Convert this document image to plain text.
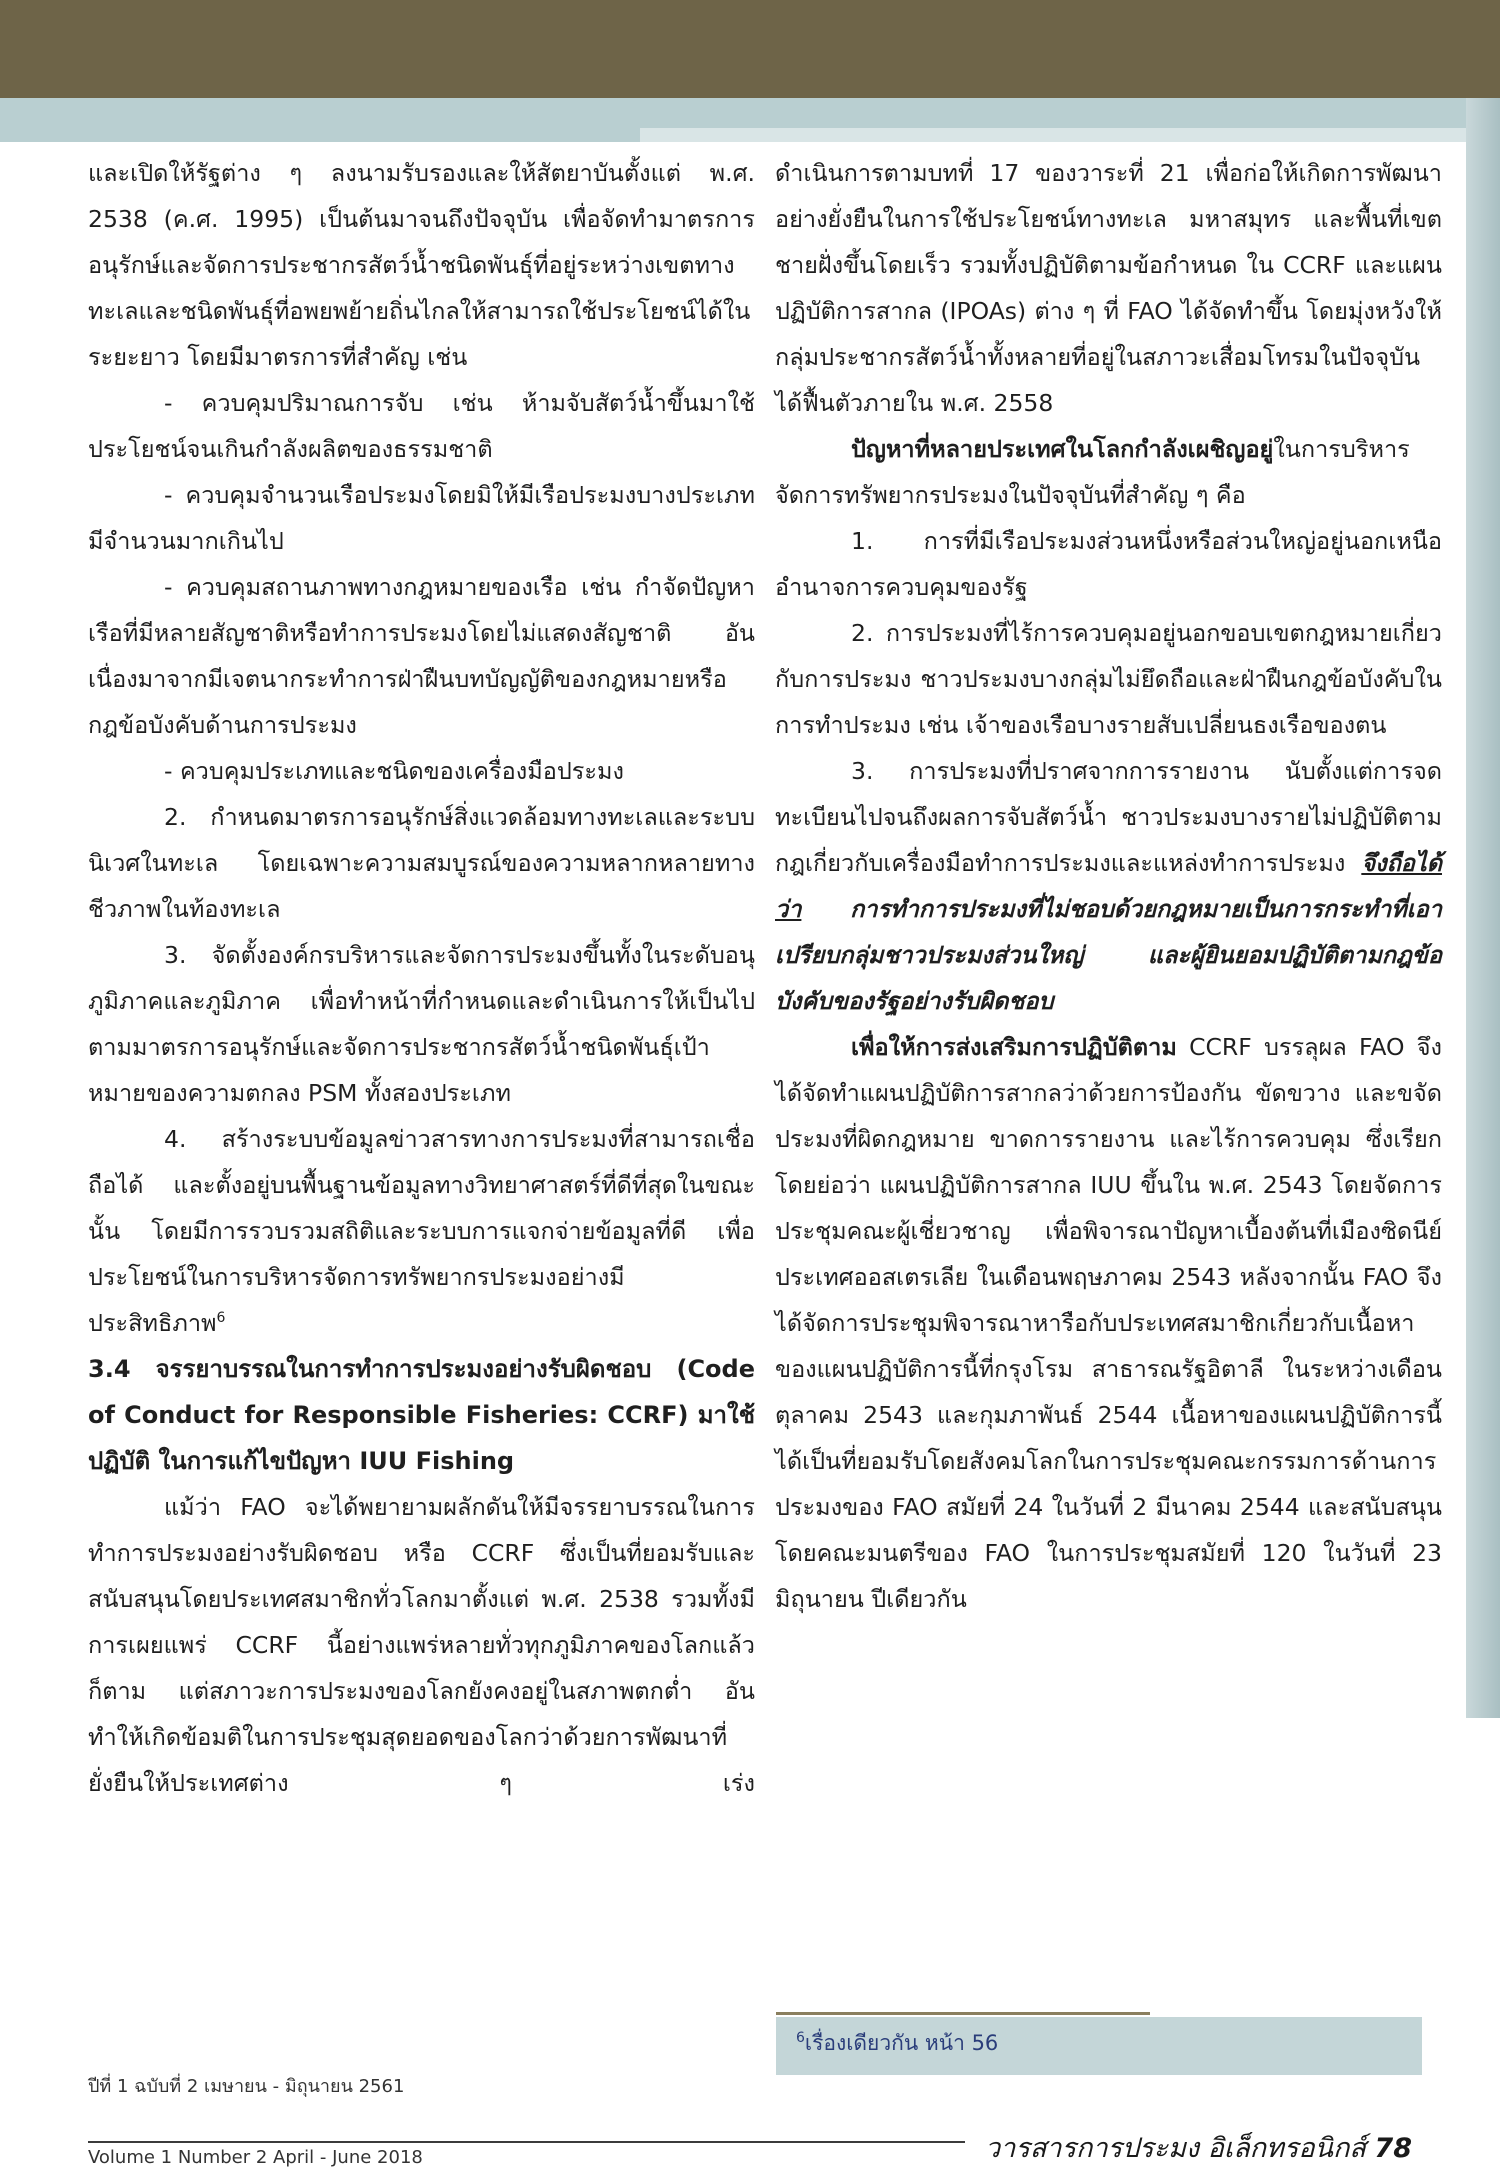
และเปิดให้รัฐต่าง ๆ ลงนามรับรองและให้สัตยาบันตั้งแต่ พ.ศ. 2538 (ค.ศ. 1995) เป็นต้นมาจนถึงปัจจุบัน เพื่อจัดทำมาตรการอนุรักษ์และจัดการประชากรสัตว์น้ำชนิดพันธุ์ที่อยู่ระหว่างเขตทางทะเลและชนิดพันธุ์ที่อพยพย้ายถิ่นไกลให้สามารถใช้ประโยชน์ได้ในระยะยาว โดยมีมาตรการที่สำคัญ เช่น

- ควบคุมปริมาณการจับ เช่น ห้ามจับสัตว์น้ำขึ้นมาใช้ประโยชน์จนเกินกำลังผลิตของธรรมชาติ

- ควบคุมจำนวนเรือประมงโดยมิให้มีเรือประมงบางประเภทมีจำนวนมากเกินไป

- ควบคุมสถานภาพทางกฎหมายของเรือ เช่น กำจัดปัญหาเรือที่มีหลายสัญชาติหรือทำการประมงโดยไม่แสดงสัญชาติ อันเนื่องมาจากมีเจตนากระทำการฝ่าฝืนบทบัญญัติของกฎหมายหรือกฎข้อบังคับด้านการประมง

- ควบคุมประเภทและชนิดของเครื่องมือประมง

2. กำหนดมาตรการอนุรักษ์สิ่งแวดล้อมทางทะเลและระบบนิเวศในทะเล โดยเฉพาะความสมบูรณ์ของความหลากหลายทางชีวภาพในท้องทะเล

3. จัดตั้งองค์กรบริหารและจัดการประมงขึ้นทั้งในระดับอนุภูมิภาคและภูมิภาค เพื่อทำหน้าที่กำหนดและดำเนินการให้เป็นไปตามมาตรการอนุรักษ์และจัดการประชากรสัตว์น้ำชนิดพันธุ์เป้าหมายของความตกลง PSM ทั้งสองประเภท

4. สร้างระบบข้อมูลข่าวสารทางการประมงที่สามารถเชื่อถือได้ และตั้งอยู่บนพื้นฐานข้อมูลทางวิทยาศาสตร์ที่ดีที่สุดในขณะนั้น โดยมีการรวบรวมสถิติและระบบการแจกจ่ายข้อมูลที่ดี เพื่อประโยชน์ในการบริหารจัดการทรัพยากรประมงอย่างมีประสิทธิภาพ$^6$

3.4 จรรยาบรรณในการทำการประมงอย่างรับผิดชอบ (Code of Conduct for Responsible Fisheries: CCRF) มาใช้ปฏิบัติ ในการแก้ไขปัญหา IUU Fishing

แม้ว่า FAO จะได้พยายามผลักดันให้มีจรรยาบรรณในการทำการประมงอย่างรับผิดชอบ หรือ CCRF ซึ่งเป็นที่ยอมรับและสนับสนุนโดยประเทศสมาชิกทั่วโลกมาตั้งแต่ พ.ศ. 2538 รวมทั้งมีการเผยแพร่ CCRF นี้อย่างแพร่หลายทั่วทุกภูมิภาคของโลกแล้วก็ตาม แต่สภาวะการประมงของโลกยังคงอยู่ในสภาพตกต่ำ อันทำให้เกิดข้อมติในการประชุมสุดยอดของโลกว่าด้วยการพัฒนาที่ยั่งยืนให้ประเทศต่าง ๆ เร่ง

ดำเนินการตามบทที่ 17 ของวาระที่ 21 เพื่อก่อให้เกิดการพัฒนาอย่างยั่งยืนในการใช้ประโยชน์ทางทะเล มหาสมุทร และพื้นที่เขตชายฝั่งขึ้นโดยเร็ว รวมทั้งปฏิบัติตามข้อกำหนด ใน CCRF และแผนปฏิบัติการสากล (IPOAs) ต่าง ๆ ที่ FAO ได้จัดทำขึ้น โดยมุ่งหวังให้กลุ่มประชากรสัตว์น้ำทั้งหลายที่อยู่ในสภาวะเสื่อมโทรมในปัจจุบัน ได้ฟื้นตัวภายใน พ.ศ. 2558

ปัญหาที่หลายประเทศในโลกกำลังเผชิญอยู่ในการบริหารจัดการทรัพยากรประมงในปัจจุบันที่สำคัญ ๆ คือ

1. การที่มีเรือประมงส่วนหนึ่งหรือส่วนใหญ่อยู่นอกเหนืออำนาจการควบคุมของรัฐ

2. การประมงที่ไร้การควบคุมอยู่นอกขอบเขตกฎหมายเกี่ยวกับการประมง ชาวประมงบางกลุ่มไม่ยึดถือและฝ่าฝืนกฎข้อบังคับในการทำประมง เช่น เจ้าของเรือบางรายสับเปลี่ยนธงเรือของตน

3. การประมงที่ปราศจากการรายงาน นับตั้งแต่การจดทะเบียนไปจนถึงผลการจับสัตว์น้ำ ชาวประมงบางรายไม่ปฏิบัติตามกฎเกี่ยวกับเครื่องมือทำการประมงและแหล่งทำการประมง จึงถือได้ว่า การทำการประมงที่ไม่ชอบด้วยกฎหมายเป็นการกระทำที่เอาเปรียบกลุ่มชาวประมงส่วนใหญ่ และผู้ยินยอมปฏิบัติตามกฎข้อบังคับของรัฐอย่างรับผิดชอบ

เพื่อให้การส่งเสริมการปฏิบัติตาม CCRF บรรลุผล FAO จึงได้จัดทำแผนปฏิบัติการสากลว่าด้วยการป้องกัน ขัดขวาง และขจัดประมงที่ผิดกฎหมาย ขาดการรายงาน และไร้การควบคุม ซึ่งเรียกโดยย่อว่า แผนปฏิบัติการสากล IUU ขึ้นใน พ.ศ. 2543 โดยจัดการประชุมคณะผู้เชี่ยวชาญ เพื่อพิจารณาปัญหาเบื้องต้นที่เมืองซิดนีย์ ประเทศออสเตรเลีย ในเดือนพฤษภาคม 2543 หลังจากนั้น FAO จึงได้จัดการประชุมพิจารณาหารือกับประเทศสมาชิกเกี่ยวกับเนื้อหาของแผนปฏิบัติการนี้ที่กรุงโรม สาธารณรัฐอิตาลี ในระหว่างเดือนตุลาคม 2543 และกุมภาพันธ์ 2544 เนื้อหาของแผนปฏิบัติการนี้ได้เป็นที่ยอมรับโดยสังคมโลกในการประชุมคณะกรรมการด้านการประมงของ FAO สมัยที่ 24 ในวันที่ 2 มีนาคม 2544 และสนับสนุนโดยคณะมนตรีของ FAO ในการประชุมสมัยที่ 120 ในวันที่ 23 มิถุนายน ปีเดียวกัน

$^6$เรื่องเดียวกัน หน้า 56
ปีที่ 1 ฉบับที่ 2 เมษายน - มิถุนายน 2561
Volume 1 Number 2 April - June 2018	วารสารการประมง อิเล็กทรอนิกส์ 78
